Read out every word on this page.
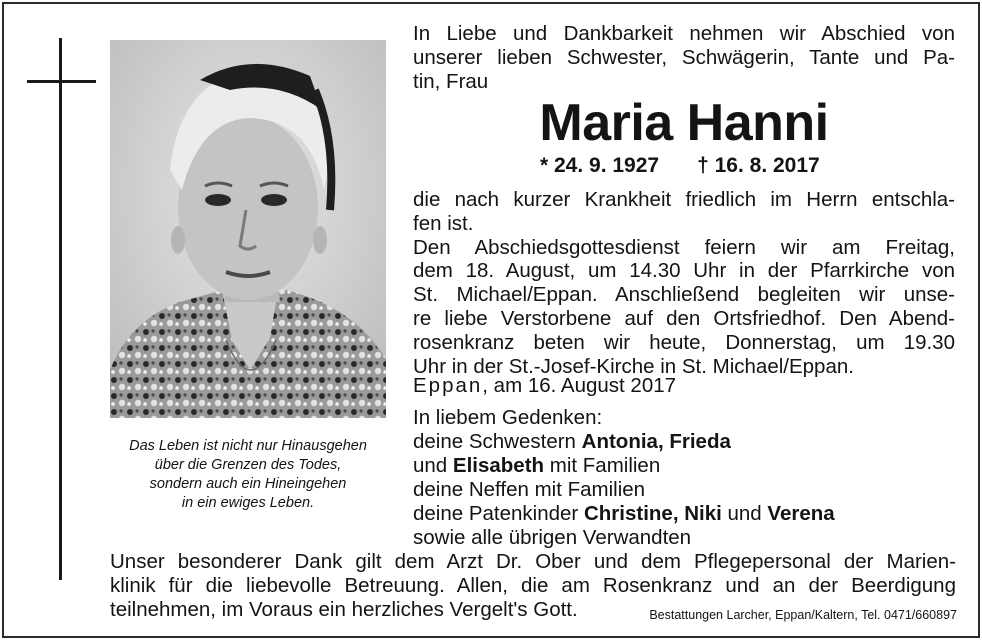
Das Leben ist nicht nur Hinausgehen
über die Grenzen des Todes,
sondern auch ein Hineingehen
in ein ewiges Leben.
In Liebe und Dankbarkeit nehmen wir Abschied von
unserer lieben Schwester, Schwägerin, Tante und Pa-
tin, Frau
Maria Hanni
* 24. 9. 1927 † 16. 8. 2017
die nach kurzer Krankheit friedlich im Herrn entschla-
fen ist.
Den Abschiedsgottesdienst feiern wir am Freitag,
dem 18. August, um 14.30 Uhr in der Pfarrkirche von
St. Michael/Eppan. Anschließend begleiten wir unse-
re liebe Verstorbene auf den Ortsfriedhof. Den Abend-
rosenkranz beten wir heute, Donnerstag, um 19.30
Uhr in der St.-Josef-Kirche in St. Michael/Eppan.
Eppan, am 16. August 2017
In liebem Gedenken:
deine Schwestern Antonia, Frieda
und Elisabeth mit Familien
deine Neffen mit Familien
deine Patenkinder Christine, Niki und Verena
sowie alle übrigen Verwandten
Unser besonderer Dank gilt dem Arzt Dr. Ober und dem Pflegepersonal der Marien-
klinik für die liebevolle Betreuung. Allen, die am Rosenkranz und an der Beerdigung
teilnehmen, im Voraus ein herzliches Vergelt's Gott.	Bestattungen Larcher, Eppan/Kaltern, Tel. 0471/660897
